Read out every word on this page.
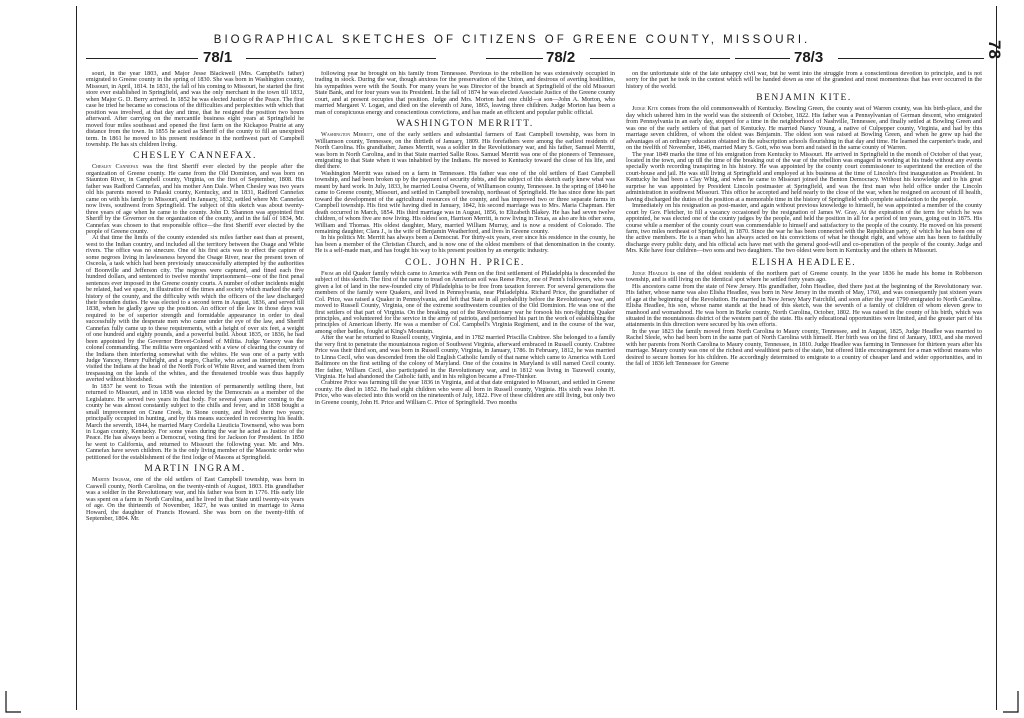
78
BIOGRAPHICAL SKETCHES OF CITIZENS OF GREENE COUNTY, MISSOURI.
78/1	78/2	78/3

souri, in the year 1803, and Major Jesse Blackwell (Mrs. Campbell's father) emigrated to Greene county in the spring of 1830. She was born in Washington county, Missouri, in April, 1814. In 1831, the fall of his coming to Missouri, he started the first store ever established in Springfield, and was the only merchant in the town till 1832, when Major G. D. Berry arrived. In 1852 he was elected Justice of the Peace. The first case he tried he became so conscious of the difficulties and perplexities with which that position was involved, at that day and time, that he resigned the position two hours afterward. After carrying on the mercantile business eight years at Springfield he moved four miles southeast and opened the first farm on the Kickapoo Prairie at any distance from the town. In 1855 he acted as Sheriff of the county to fill an unexpired term. In 1861 he moved to his present residence in the northwest part of Campbell township. He has six children living.

CHESLEY CANNEFAX.

Chesley Cannefax was the first Sheriff ever elected by the people after the organization of Greene county. He came from the Old Dominion, and was born on Staunton River, in Campbell county, Virginia, on the first of September, 1808. His father was Radford Cannefax, and his mother Ann Dale. When Chesley was two years old his parents moved to Pulaski county, Kentucky, and in 1831, Radford Cannefax came on with his family to Missouri, and in January, 1832, settled where Mr. Cannefax now lives, southwest from Springfield. The subject of this sketch was about twenty-three years of age when he came to the county. John D. Shannon was appointed first Sheriff by the Governor on the organization of the county, and in the fall of 1834, Mr. Cannefax was chosen to that responsible office—the first Sheriff ever elected by the people of Greene county.

At that time the limits of the county extended six miles farther east than at present, west to the Indian country, and included all the territory between the Osage and White rivers. The office was no sinecure. One of his first acts was to effect the capture of some negroes living in lawlessness beyond the Osage River, near the present town of Osceola, a task which had been previously unsuccessfully attempted by the authorities of Boonville and Jefferson city. The negroes were captured, and fined each five hundred dollars, and sentenced to twelve months' imprisonment—one of the first penal sentences ever imposed in the Greene county courts. A number of other incidents might be related, had we space, in illustration of the times and society which marked the early history of the county, and the difficulty with which the officers of the law discharged their bounden duties. He was elected to a second term in August, 1836, and served till 1838, when he gladly gave up the position. An officer of the law in those days was required to be of superior strength and formidable appearance in order to deal successfully with the desperate men who came under the eye of the law, and Sheriff Cannefax fully came up to these requirements, with a height of over six feet, a weight of one hundred and eighty pounds, and a powerful build. About 1835, or 1836, he had been appointed by the Governor Brevet-Colonel of Militia. Judge Yancey was the colonel commanding. The militia were organized with a view of clearing the country of the Indians then interfering somewhat with the whites. He was one of a party with Judge Yancey, Henry Fulbright, and a negro, Charlie, who acted as interpreter, which visited the Indians at the head of the North Fork of White River, and warned them from trespassing on the lands of the whites, and the threatened trouble was thus happily averted without bloodshed.

In 1837 he went to Texas with the intention of permanently settling there, but returned to Missouri, and in 1838 was elected by the Democrats as a member of the Legislature. He served two years in that body. For several years after coming to the county he was almost constantly subject to the chills and fever, and in 1838 bought a small improvement on Crane Creek, in Stone county, and lived there two years; principally occupied in hunting, and by this means succeeded in recovering his health. March the seventh, 1844, he married Mary Cordelia Lieuticia Townsend, who was born in Logan county, Kentucky. For some years during the war he acted as Justice of the Peace. He has always been a Democrat, voting first for Jackson for President. In 1850 he went to California, and returned to Missouri the following year. Mr. and Mrs. Cannefax have seven children. He is the only living member of the Masonic order who petitioned for the establishment of the first lodge of Masons at Springfield.

MARTIN INGRAM.

Martin Ingram, one of the old settlers of East Campbell township, was born in Caswell county, North Carolina, on the twenty-ninth of August, 1803. His grandfather was a soldier in the Revolutionary war, and his father was born in 1776. His early life was spent on a farm in North Carolina, and he lived in that State until twenty-six years of age. On the thirteenth of November, 1827, he was united in marriage to Anna Howard, the daughter of Francis Howard. She was born on the twenty-fifth of September, 1804. Mr.

following year he brought on his family from Tennessee. Previous to the rebellion he was extensively occupied in trading in stock. During the war, though anxious for the preservation of the Union, and desirous of averting hostilities, his sympathies were with the South. For many years he was Director of the branch at Springfield of the old Missouri State Bank, and for four years was its President. In the fall of 1874 he was elected Associate Justice of the Greene county court, and at present occupies that position. Judge and Mrs. Morton had one child—a son—John A. Morton, who married Margaret V. Logan, and died on the eleventh of June, 1865, leaving three children. Judge Morton has been a man of conspicuous energy and conscientious convictions, and has made an efficient and popular public official.

WASHINGTON MERRITT.

Washington Merritt, one of the early settlers and substantial farmers of East Campbell township, was born in Williamson county, Tennessee, on the thirtieth of January, 1809. His forefathers were among the earliest residents of North Carolina. His grandfather, James Merritt, was a soldier in the Revolutionary war, and his father, Samuel Merritt, was born in North Carolina, and in that State married Sallie Ross. Samuel Merritt was one of the pioneers of Tennessee, emigrating to that State when it was inhabited by the Indians. He moved to Kentucky toward the close of his life, and died there.

Washington Merritt was raised on a farm in Tennessee. His father was one of the old settlers of East Campbell township, and had been broken up by the payment of security debts, and the subject of this sketch early knew what was meant by hard work. In July, 1833, he married Louisa Owens, of Williamson county, Tennessee. In the spring of 1840 he came to Greene county, Missouri, and settled in Campbell township, northeast of Springfield. He has since done his part toward the development of the agricultural resources of the county, and has improved two or three separate farms in Campbell township. His first wife having died in January, 1842, his second marriage was to Mrs. Maria Chapman. Her death occurred in March, 1854. His third marriage was in August, 1856, to Elizabeth Blakey. He has had seven twelve children, of whom five are now living. His oldest son, Harrison Merritt, is now living in Texas, as also are his other sons, William and Thomas. His oldest daughter, Mary, married William Murray, and is now a resident of Colorado. The remaining daughter, Clara J., is the wife of Benjamin Weatherford, and lives in Greene county.

In his politics Mr. Merritt has always been a Democrat. For thirty-six years, ever since his residence in the county, he has been a member of the Christian Church, and is now one of the oldest members of that denomination in the county. He is a self-made man, and has fought his way to his present position by an energetic industry.

COL. JOHN H. PRICE.

From an old Quaker family which came to America with Penn on the first settlement of Philadelphia is descended the subject of this sketch. The first of the name to tread on American soil was Reese Price, one of Penn's followers, who was given a lot of land in the new-founded city of Philadelphia to be free from taxation forever. For several generations the members of the family were Quakers, and lived in Pennsylvania, near Philadelphia. Richard Price, the grandfather of Col. Price, was raised a Quaker in Pennsylvania, and left that State in all probability before the Revolutionary war, and moved to Russell County, Virginia, one of the extreme southwestern counties of the Old Dominion. He was one of the first settlers of that part of Virginia. On the breaking out of the Revolutionary war he forsook his non-fighting Quaker principles, and volunteered for the service in the army of patriots, and performed his part in the work of establishing the principles of American liberty. He was a member of Col. Campbell's Virginia Regiment, and in the course of the war, among other battles, fought at King's Mountain.

After the war he returned to Russell county, Virginia, and in 1782 married Priscilla Crabtree. She belonged to a family the very first to penetrate the mountainous region of Southwest Virginia, afterward embraced in Russell county. Crabtree Price was their third son, and was born in Russell county, Virginia, in January, 1786. In February, 1812, he was married to Linna Cecil, who was descended from the old English Catholic family of that name which came to America with Lord Baltimore on the first settling of the colony of Maryland. One of the cousins in Maryland is still named Cecil county. Her father, William Cecil, also participated in the Revolutionary war, and in 1812 was living in Tazewell county, Virginia. He had abandoned the Catholic faith, and in his religion became a Free-Thinker.

Crabtree Price was farming till the year 1836 in Virginia, and at that date emigrated to Missouri, and settled in Greene county. He died in 1852. He had eight children who were all born in Russell county, Virginia. His sixth was John H. Price, who was elected into this world on the nineteenth of July, 1822. Five of these children are still living, but only two in Greene county, John H. Price and William C. Price of Springfield. Two months

on the unfortunate side of the late unhappy civil war, but he went into the struggle from a conscientious devotion to principle, and is not sorry for the part he took in the contest which will be handed down as one of the grandest and most momentous that has ever occurred in the history of the world.

BENJAMIN KITE.

Judge Kite comes from the old commonwealth of Kentucky. Bowling Green, the county seat of Warren county, was his birth-place, and the day which ushered him in the world was the sixteenth of October, 1822. His father was a Pennsylvanian of German descent, who emigrated from Pennsylvania in an early day, stopped for a time in the neighborhood of Nashville, Tennessee, and finally settled at Bowling Green and was one of the early settlers of that part of Kentucky. He married Nancy Young, a native of Culpepper county, Virginia, and had by this marriage seven children, of whom the oldest was Benjamin. The oldest son was raised at Bowling Green, and when he grew up had the advantages of an ordinary education obtained in the subscription schools flourishing in that day and time. He learned the carpenter's trade, and on the twelfth of November, 1846, married Mary S. Gott, who was born and raised in the same county of Warren.

The year 1849 marks the time of his emigration from Kentucky to Missouri. He arrived in Springfield in the month of October of that year, located in the town, and up till the time of the breaking out of the war of the rebellion was engaged in working at his trade without any events specially worth recording transpiring in his history. He was appointed by the county court commissioner to superintend the erection of the court-house and jail. He was still living at Springfield and employed at his business at the time of Lincoln's first inauguration as President. In Kentucky he had been a Clay Whig, and when he came to Missouri joined the Benton Democracy. Without his knowledge and to his great surprise he was appointed by President Lincoln postmaster at Springfield, and was the first man who held office under the Lincoln administration in southwest Missouri. This office he accepted and held nearly to the close of the war, when he resigned on account of ill health, having discharged the duties of the position at a memorable time in the history of Springfield with complete satisfaction to the people.

Immediately on his resignation as post-master, and again without previous knowledge to himself, he was appointed a member of the county court by Gov. Fletcher, to fill a vacancy occasioned by the resignation of James W. Gray. At the expiration of the term for which he was appointed, he was elected one of the county judges by the people, and held the position in all for a period of ten years, going out in 1875. His course while a member of the county court was commendable to himself and satisfactory to the people of the county. He moved on his present farm, two miles northeast of Springfield, in 1870. Since the war he has been connected with the Republican party, of which he has been one of the active members. He is a man who has always acted on his convictions of what he thought right, and whose aim has been to faithfully discharge every public duty, and his official acts have met with the general good-will and co-operation of the people of the county. Judge and Mrs. Kite have four children—two sons and two daughters. The two oldest were born in Kentucky and the others in Missouri.

ELISHA HEADLEE.

Judge Headlee is one of the oldest residents of the northern part of Greene county. In the year 1836 he made his home in Robberson township, and is still living on the identical spot where he settled forty years ago.

His ancestors came from the state of New Jersey. His grandfather, John Headlee, died there just at the beginning of the Revolutionary war. His father, whose name was also Elisha Headlee, was born in New Jersey in the month of May, 1760, and was consequently just sixteen years of age at the beginning of the Revolution. He married in New Jersey Mary Fairchild, and soon after the year 1790 emigrated to North Carolina. Elisha Headlee, his son, whose name stands at the head of this sketch, was the seventh of a family of children of whom eleven grew to manhood and womanhood. He was born in Burke county, North Carolina, October, 1802. He was raised in the county of his birth, which was situated in the mountainous district of the western part of the state. His early educational opportunities were limited, and the greater part of his attainments in this direction were secured by his own efforts.

In the year 1823 the family moved from North Carolina to Maury county, Tennessee, and in August, 1825, Judge Headlee was married to Rachel Steele, who had been born in the same part of North Carolina with himself. Her birth was on the first of January, 1803, and she moved with her parents from North Carolina to Maury county, Tennessee, in 1810. Judge Headlee was farming in Tennessee for thirteen years after his marriage. Maury county was one of the richest and wealthiest parts of the state, but offered little encouragement for a man without means who desired to secure homes for his children. He accordingly determined to emigrate to a country of cheaper land and wider opportunities, and in the fall of 1836 left Tennessee for Greene
